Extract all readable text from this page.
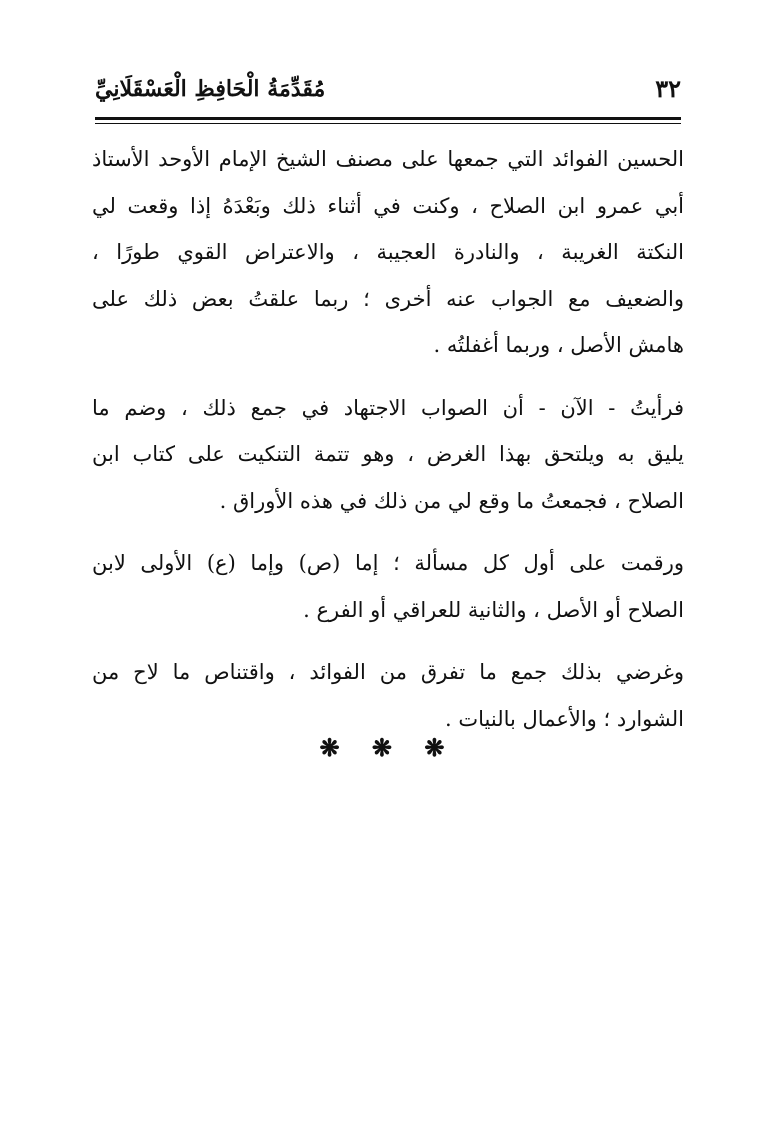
٣٢
مُقَدِّمَةُ الْحَافِظِ الْعَسْقَلَانِيِّ
الحسين الفوائد التي جمعها على مصنف الشيخ الإمام الأوحد الأستاذ
أبي عمرو ابن الصلاح ، وكنت في أثناء ذلك وبَعْدَهُ إذا وقعت لي
النكتة الغريبة ، والنادرة العجيبة ، والاعتراض القوي طورًا ،
والضعيف مع الجواب عنه أخرى ؛ ربما علقتُ بعض ذلك على
هامش الأصل ، وربما أغفلتُه .
فرأيتُ - الآن - أن الصواب الاجتهاد في جمع ذلك ، وضم ما
يليق به ويلتحق بهذا الغرض ، وهو تتمة التنكيت على كتاب ابن
الصلاح ، فجمعتُ ما وقع لي من ذلك في هذه الأوراق .
ورقمت على أول كل مسألة ؛ إما (ص) وإما (ع) الأولى لابن
الصلاح أو الأصل ، والثانية للعراقي أو الفرع .
وغرضي بذلك جمع ما تفرق من الفوائد ، واقتناص ما لاح من
الشوارد ؛ والأعمال بالنيات .
❋ ❋ ❋
